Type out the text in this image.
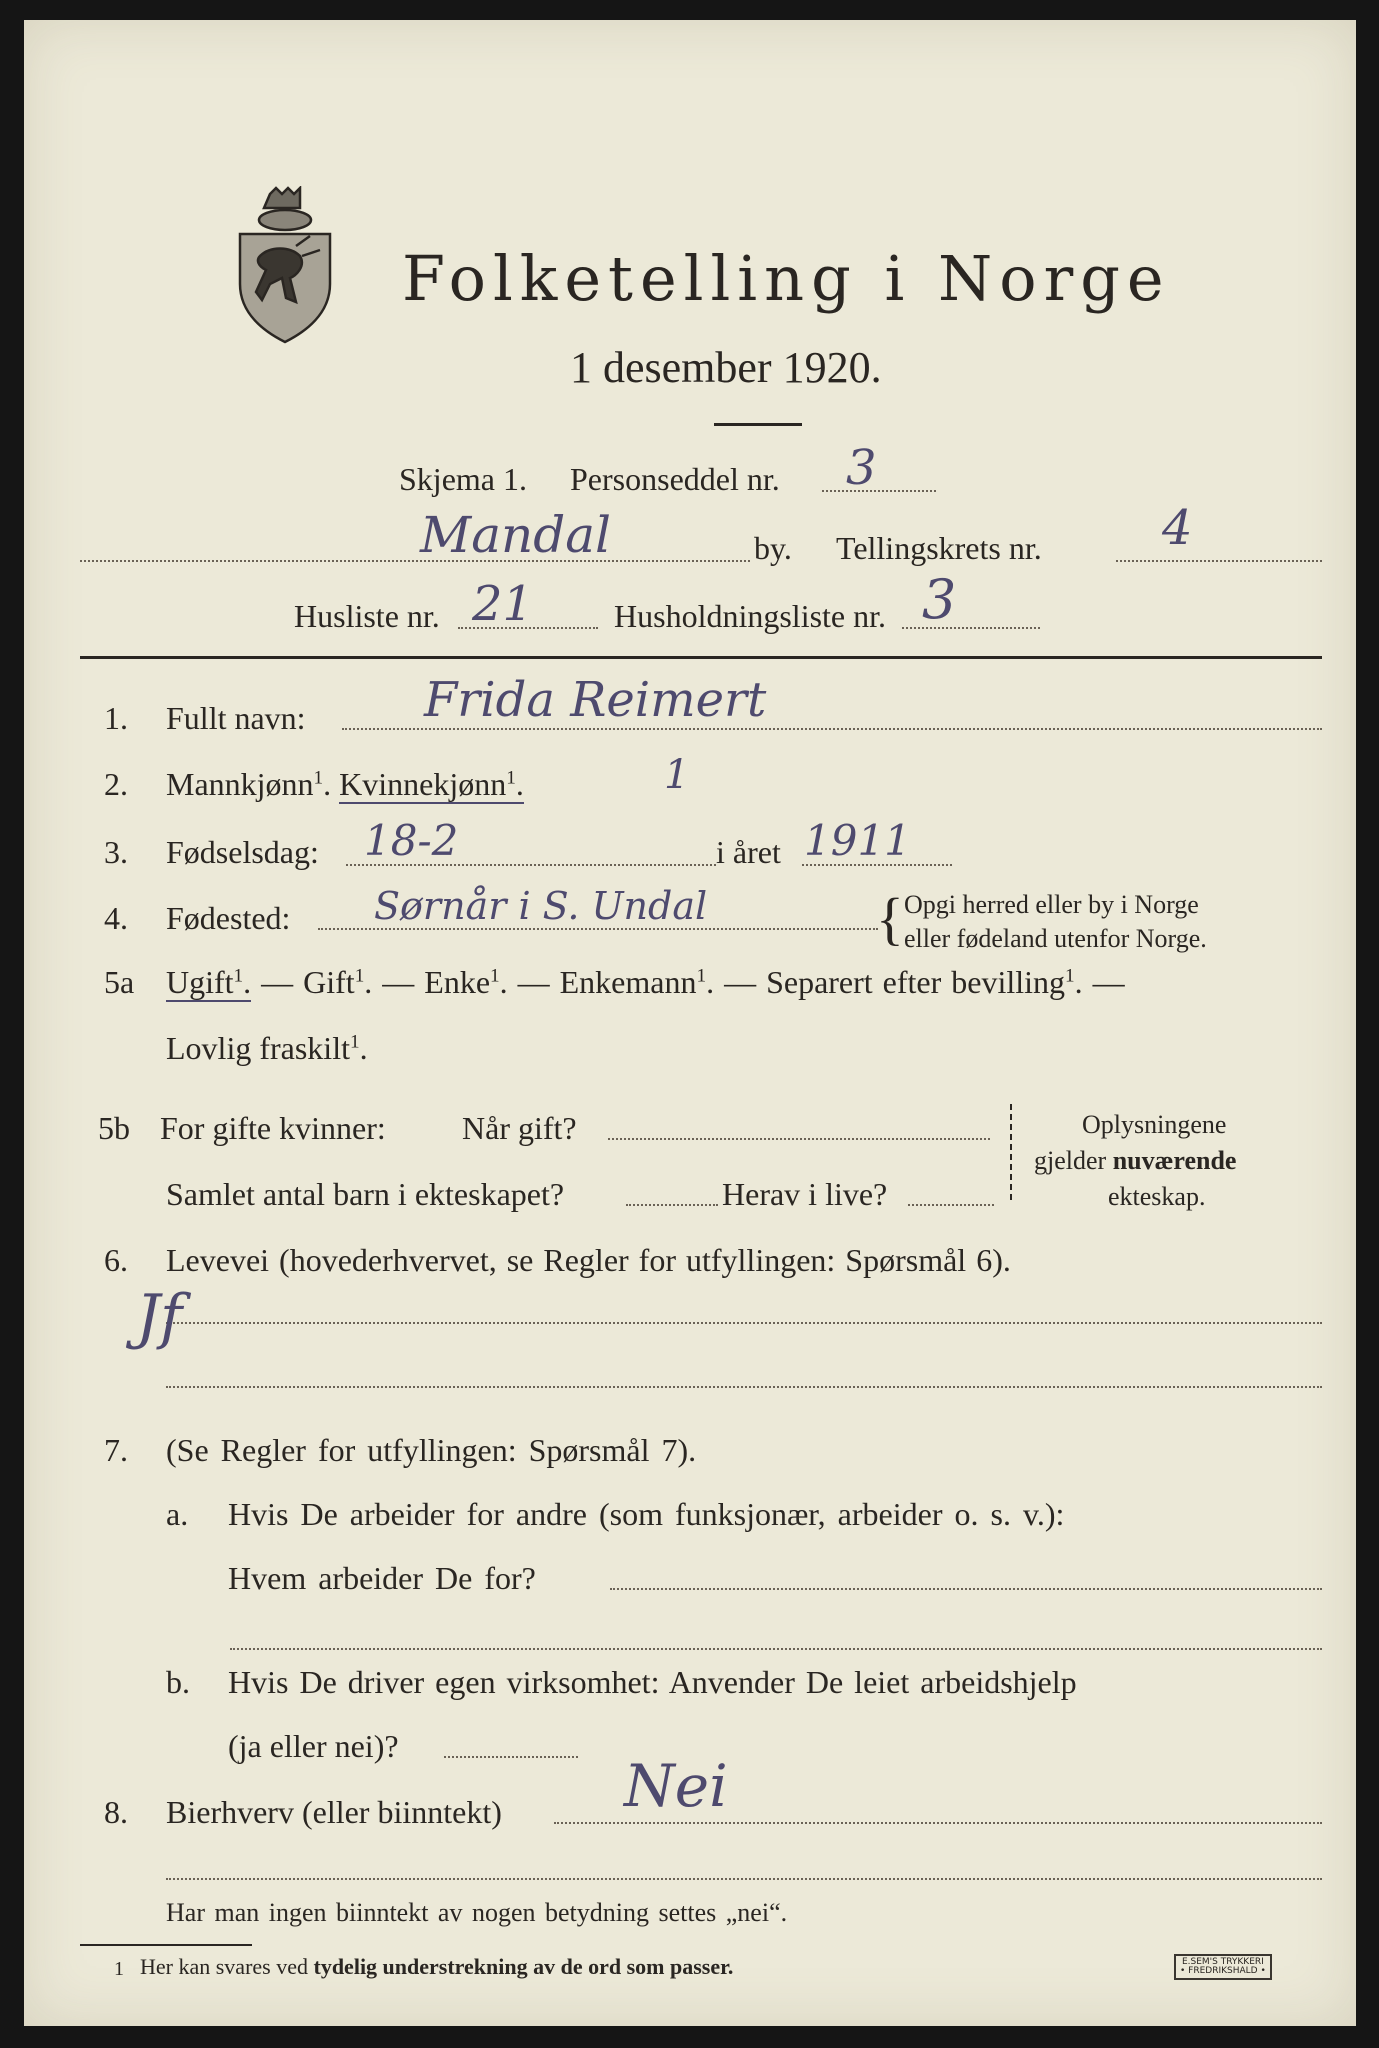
Folketelling i Norge
1 desember 1920.
Skjema 1. Personseddel nr. 3
Mandal	by. Tellingskrets nr.	4
Husliste nr. 21	Husholdningsliste nr. 3
1. Fullt navn: Frida Reimert
2. Mannkjønn$^1$. Kvinnekjønn$^1$.	1
3. Fødselsdag: 18-2	i året 1911
4. Fødested: Sørnår i S. Undal	{ Opgi herred eller by i Norge
eller fødeland utenfor Norge.
5a Ugift$^1$. — Gift$^1$. — Enke$^1$. — Enkemann$^1$. — Separert efter bevilling$^1$. —
Lovlig fraskilt$^1$.
5b For gifte kvinner: Når gift?
Samlet antal barn i ekteskapet?	Herav i live?
Oplysningene
gjelder nuværende
ekteskap.
6. Levevei (hovederhvervet, se Regler for utfyllingen: Spørsmål 6).
Jf
7. (Se Regler for utfyllingen: Spørsmål 7).
a. Hvis De arbeider for andre (som funksjonær, arbeider o. s. v.):
Hvem arbeider De for?
b. Hvis De driver egen virksomhet: Anvender De leiet arbeidshjelp
(ja eller nei)?
8. Bierhverv (eller biinntekt) Nei
Har man ingen biinntekt av nogen betydning settes „nei“.
1 Her kan svares ved tydelig understrekning av de ord som passer.	E.SEM'S TRYKKERI
• FREDRIKSHALD •
